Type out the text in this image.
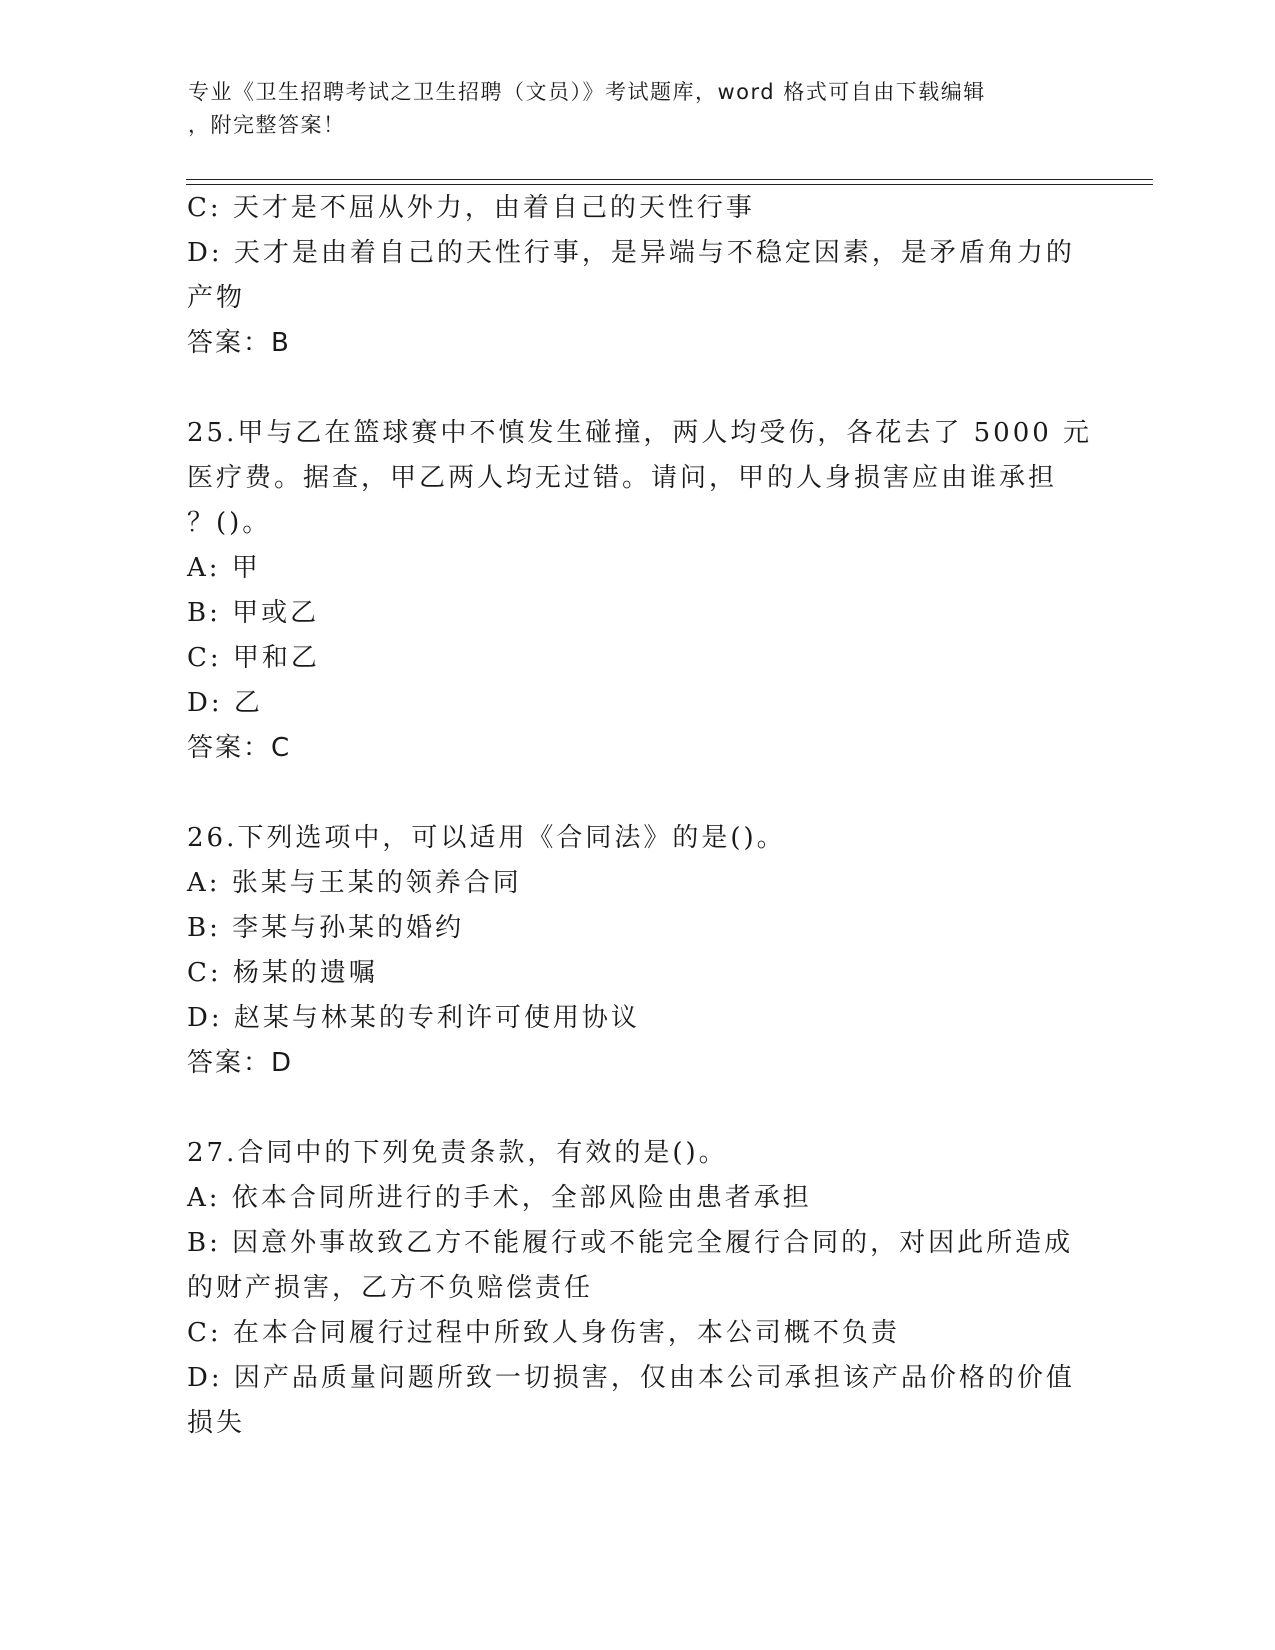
专业《卫生招聘考试之卫生招聘（文员）》考试题库，word 格式可自由下载编辑
，附完整答案！
C: 天才是不屈从外力，由着自己的天性行事
D: 天才是由着自己的天性行事，是异端与不稳定因素，是矛盾角力的
产物
答案：B
25.甲与乙在篮球赛中不慎发生碰撞，两人均受伤，各花去了 5000 元
医疗费。据查，甲乙两人均无过错。请问，甲的人身损害应由谁承担
？()。
A: 甲
B: 甲或乙
C: 甲和乙
D: 乙
答案：C
26.下列选项中，可以适用《合同法》的是()。
A: 张某与王某的领养合同
B: 李某与孙某的婚约
C: 杨某的遗嘱
D: 赵某与林某的专利许可使用协议
答案：D
27.合同中的下列免责条款，有效的是()。
A: 依本合同所进行的手术，全部风险由患者承担
B: 因意外事故致乙方不能履行或不能完全履行合同的，对因此所造成
的财产损害，乙方不负赔偿责任
C: 在本合同履行过程中所致人身伤害，本公司概不负责
D: 因产品质量问题所致一切损害，仅由本公司承担该产品价格的价值
损失
